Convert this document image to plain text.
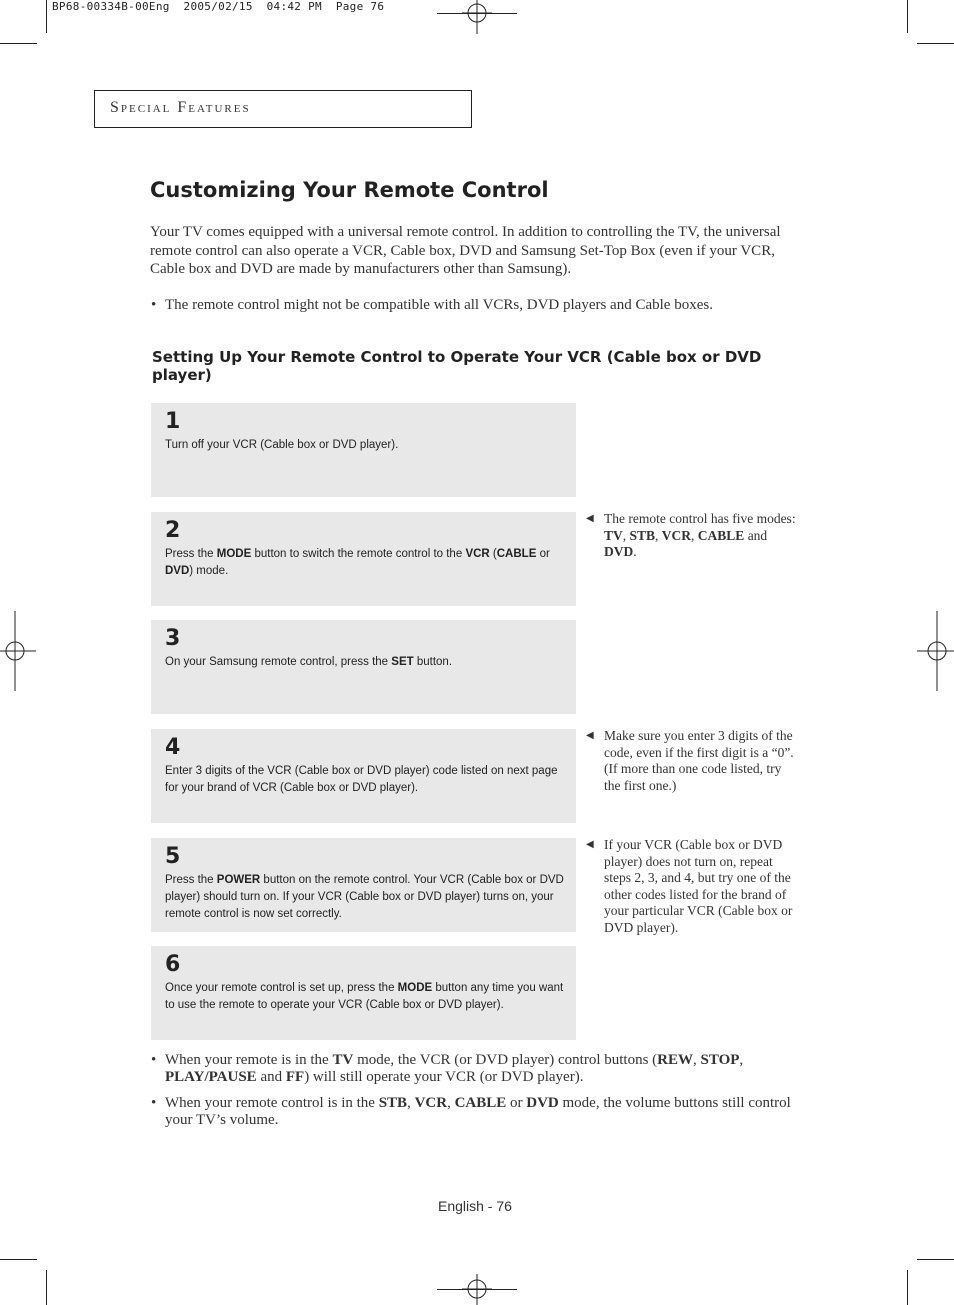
BP68-00334B-00Eng  2005/02/15  04:42 PM  Page 76
Special Features
Customizing Your Remote Control
Your TV comes equipped with a universal remote control. In addition to controlling the TV, the universal remote control can also operate a VCR, Cable box, DVD and Samsung Set-Top Box (even if your VCR, Cable box and DVD are made by manufacturers other than Samsung).
• The remote control might not be compatible with all VCRs, DVD players and Cable boxes.
Setting Up Your Remote Control to Operate Your VCR (Cable box or DVD player)
1
Turn off your VCR (Cable box or DVD player).
2
Press the MODE button to switch the remote control to the VCR (CABLE or DVD) mode.
3
On your Samsung remote control, press the SET button.
4
Enter 3 digits of the VCR (Cable box or DVD player) code listed on next page for your brand of VCR (Cable box or DVD player).
5
Press the POWER button on the remote control. Your VCR (Cable box or DVD player) should turn on. If your VCR (Cable box or DVD player) turns on, your remote control is now set correctly.
6
Once your remote control is set up, press the MODE button any time you want to use the remote to operate your VCR (Cable box or DVD player).
◀ The remote control has five modes: TV, STB, VCR, CABLE and DVD.
◀ Make sure you enter 3 digits of the code, even if the first digit is a “0”. (If more than one code listed, try the first one.)
◀ If your VCR (Cable box or DVD player) does not turn on, repeat steps 2, 3, and 4, but try one of the other codes listed for the brand of your particular VCR (Cable box or DVD player).
• When your remote is in the TV mode, the VCR (or DVD player) control buttons (REW, STOP, PLAY/PAUSE and FF) will still operate your VCR (or DVD player).
• When your remote control is in the STB, VCR, CABLE or DVD mode, the volume buttons still control your TV’s volume.
English - 76
